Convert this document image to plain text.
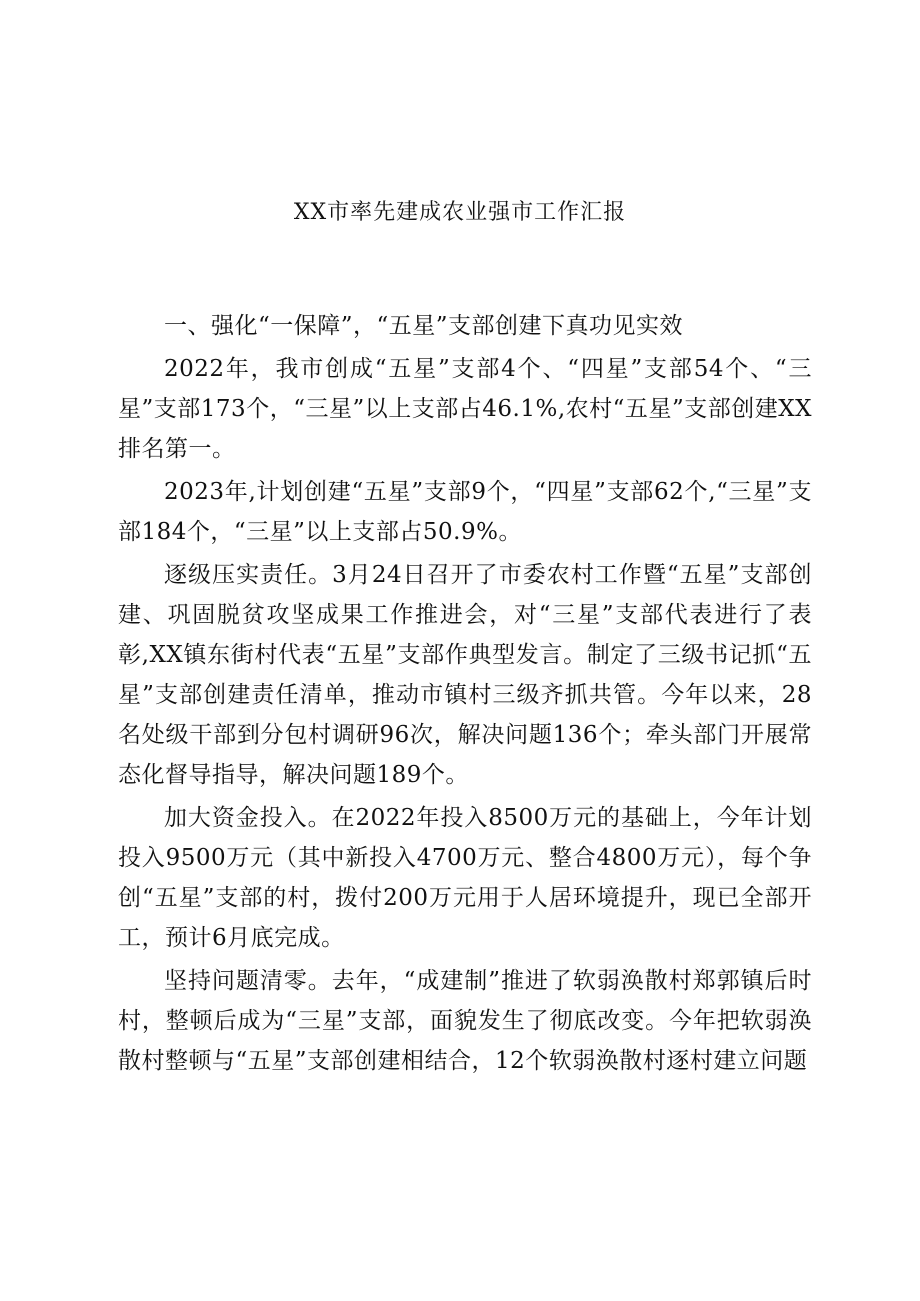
XX市率先建成农业强市工作汇报

一、强化“一保障”，“五星”支部创建下真功见实效

2022年，我市创成“五星”支部4个、“四星”支部54个、“三星”支部173个，“三星”以上支部占46.1%,农村“五星”支部创建XX排名第一。

2023年,计划创建“五星”支部9个，“四星”支部62个,“三星”支部184个，“三星”以上支部占50.9%。

逐级压实责任。3月24日召开了市委农村工作暨“五星”支部创建、巩固脱贫攻坚成果工作推进会，对“三星”支部代表进行了表彰,XX镇东街村代表“五星”支部作典型发言。制定了三级书记抓“五星”支部创建责任清单，推动市镇村三级齐抓共管。今年以来，28名处级干部到分包村调研96次，解决问题136个；牵头部门开展常态化督导指导，解决问题189个。

加大资金投入。在2022年投入8500万元的基础上，今年计划投入9500万元（其中新投入4700万元、整合4800万元），每个争创“五星”支部的村，拨付200万元用于人居环境提升，现已全部开工，预计6月底完成。

坚持问题清零。去年，“成建制”推进了软弱涣散村郑郭镇后时村，整顿后成为“三星”支部，面貌发生了彻底改变。今年把软弱涣散村整顿与“五星”支部创建相结合，12个软弱涣散村逐村建立问题
